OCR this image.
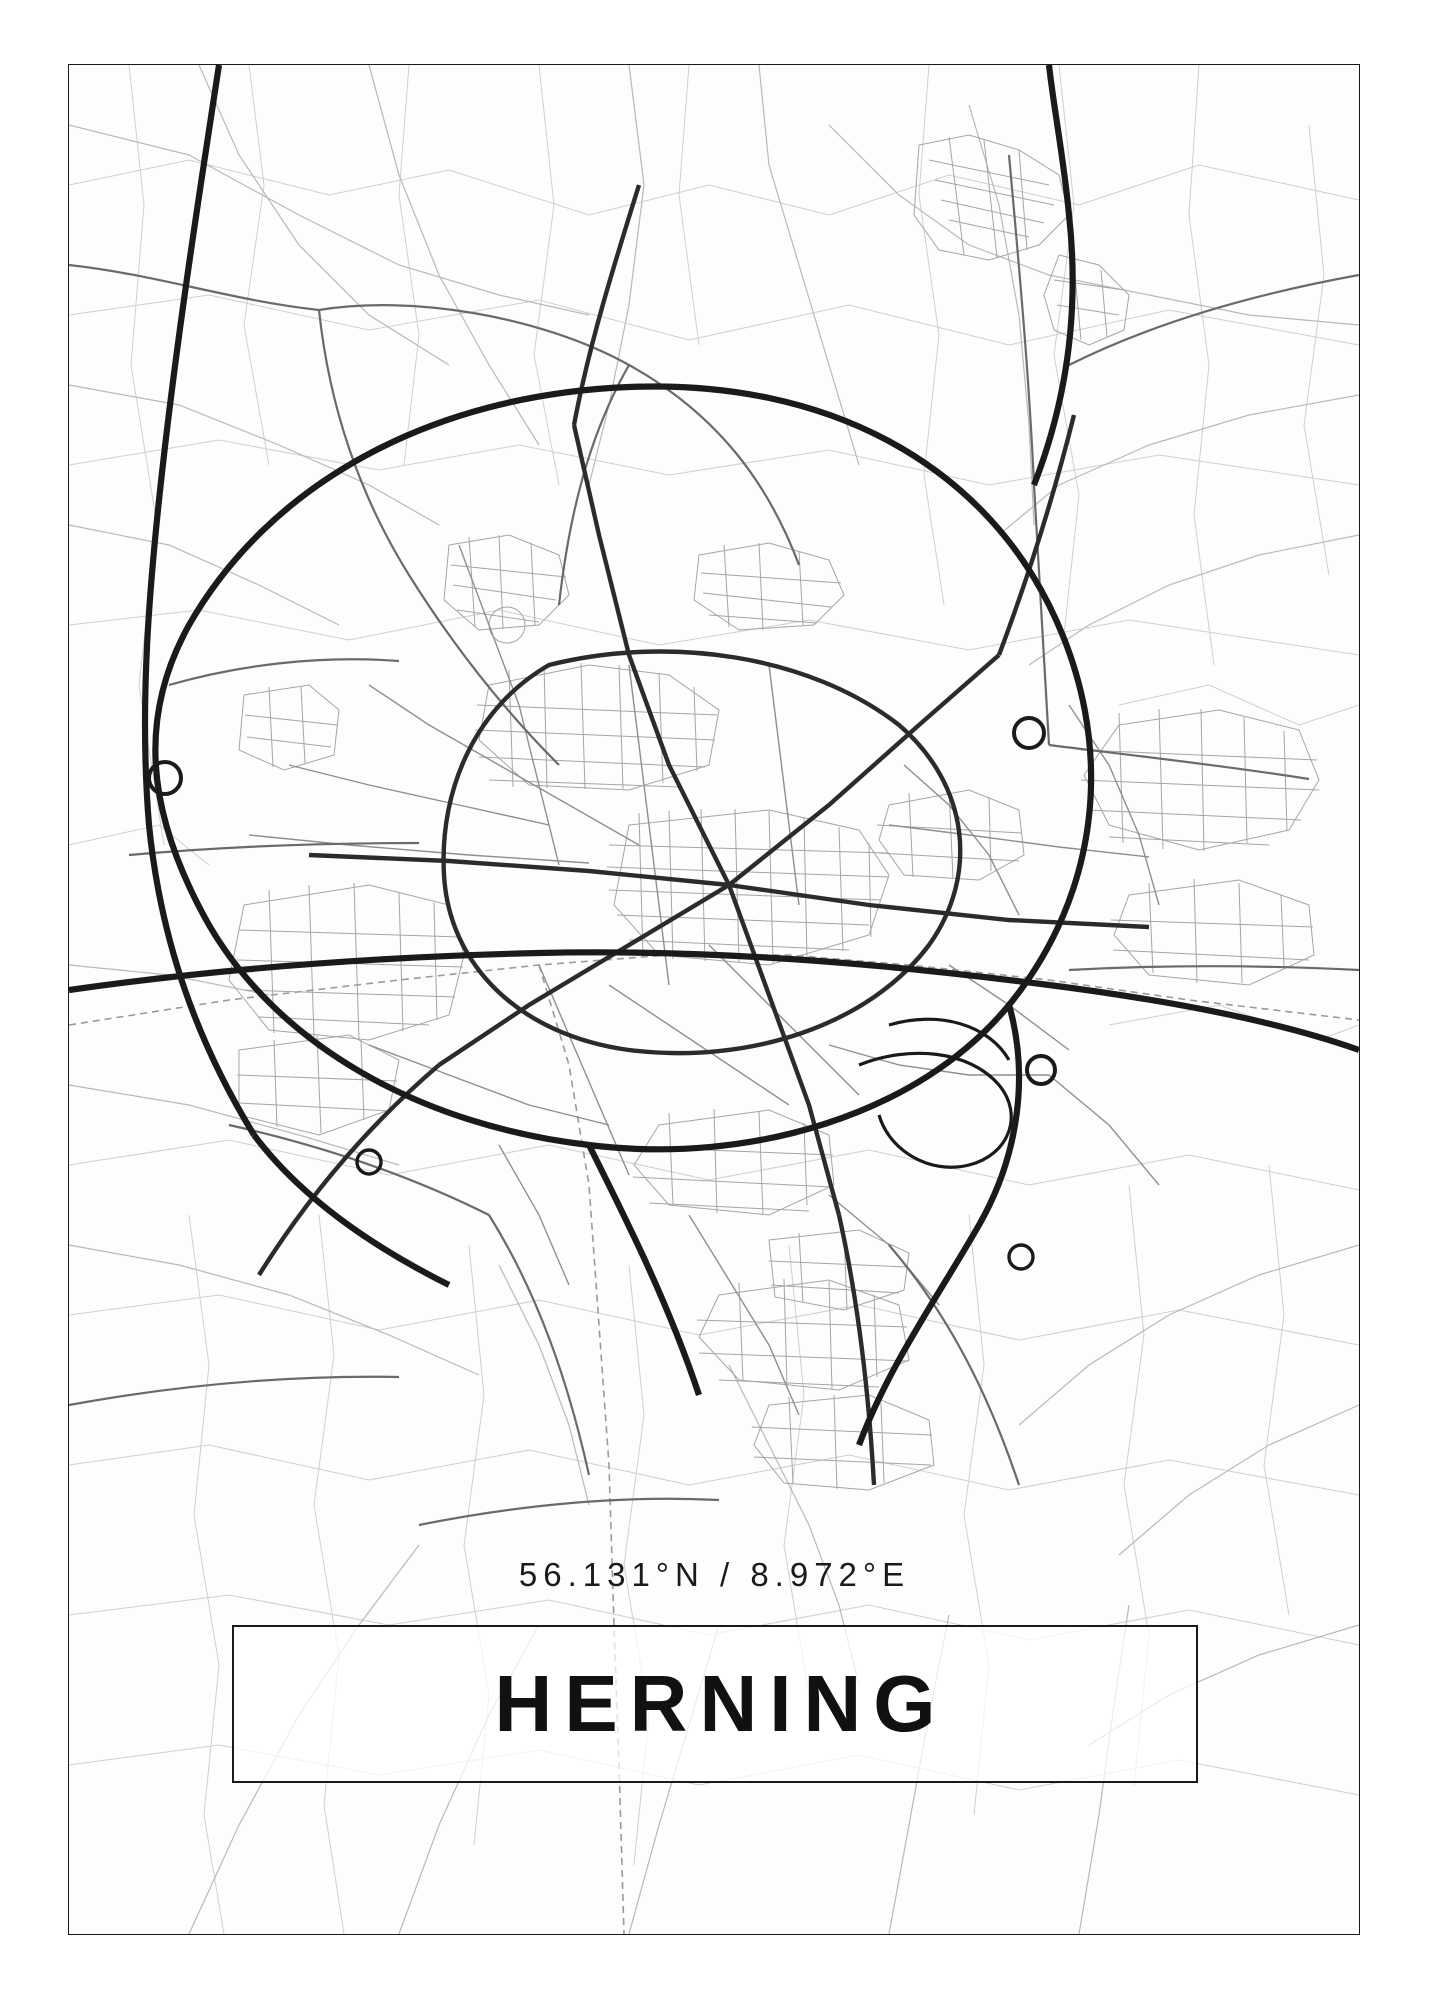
56.131°N / 8.972°E
HERNING
